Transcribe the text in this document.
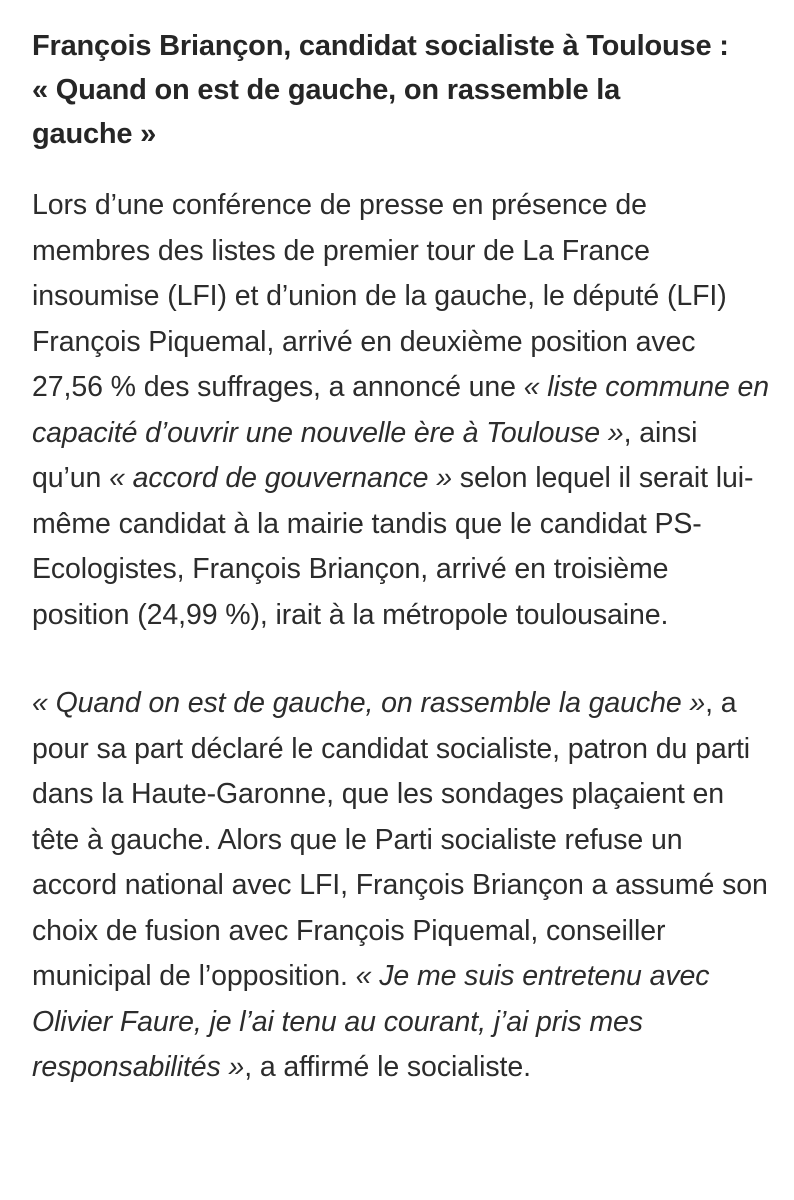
François Briançon, candidat socialiste à Toulouse :
« Quand on est de gauche, on rassemble la
gauche »

Lors d’une conférence de presse en présence de membres des listes de premier tour de La France insoumise (LFI) et d’union de la gauche, le député (LFI) François Piquemal, arrivé en deuxième position avec 27,56 % des suffrages, a annoncé une « liste commune en capacité d’ouvrir une nouvelle ère à Toulouse », ainsi qu’un « accord de gouvernance » selon lequel il serait lui-même candidat à la mairie tandis que le candidat PS-Ecologistes, François Briançon, arrivé en troisième position (24,99 %), irait à la métropole toulousaine.

« Quand on est de gauche, on rassemble la gauche », a pour sa part déclaré le candidat socialiste, patron du parti dans la Haute-Garonne, que les sondages plaçaient en tête à gauche. Alors que le Parti socialiste refuse un accord national avec LFI, François Briançon a assumé son choix de fusion avec François Piquemal, conseiller municipal de l’opposition. « Je me suis entretenu avec Olivier Faure, je l’ai tenu au courant, j’ai pris mes responsabilités », a affirmé le socialiste.
